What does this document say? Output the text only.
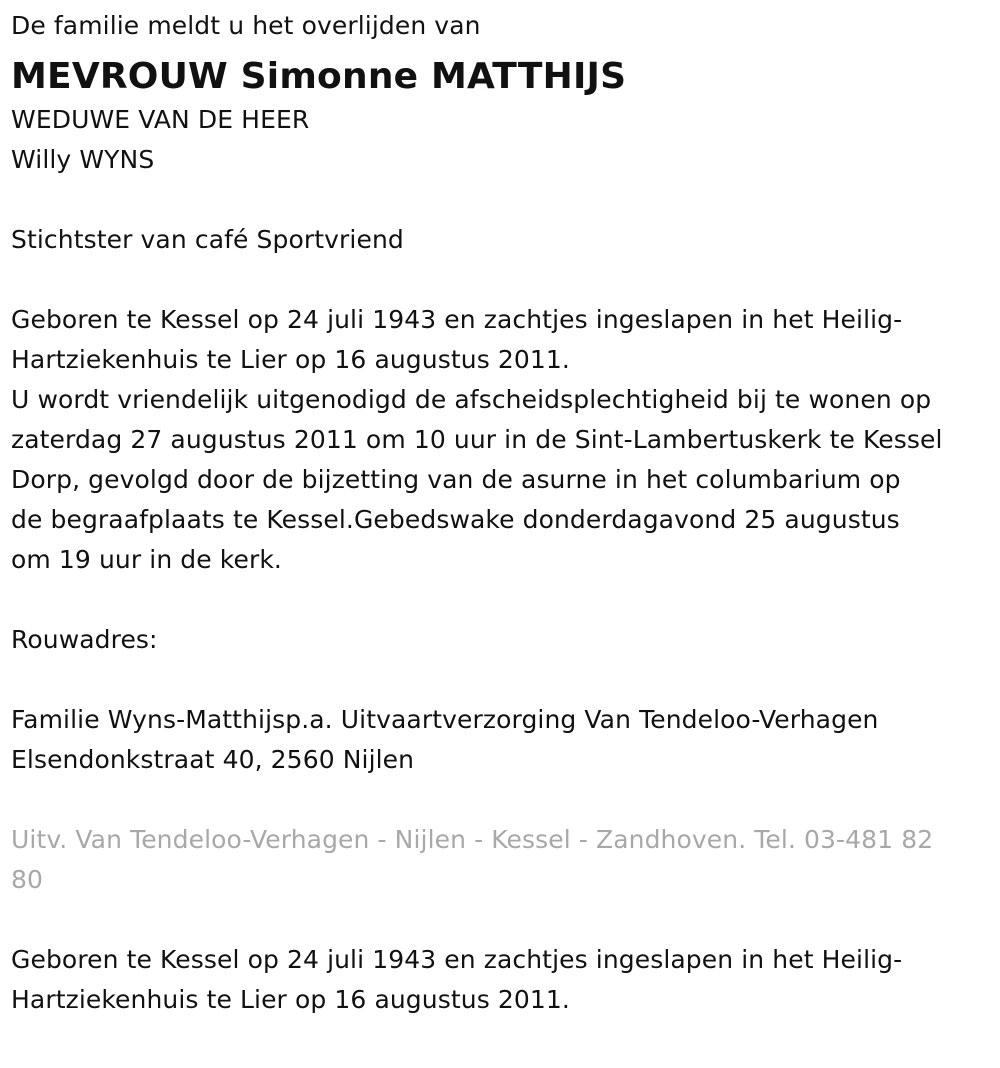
De familie meldt u het overlijden van

MEVROUW Simonne MATTHIJS

WEDUWE VAN DE HEER

Willy WYNS

Stichtster van café Sportvriend

Geboren te Kessel op 24 juli 1943 en zachtjes ingeslapen in het Heilig-

Hartziekenhuis te Lier op 16 augustus 2011.

U wordt vriendelijk uitgenodigd de afscheidsplechtigheid bij te wonen op

zaterdag 27 augustus 2011 om 10 uur in de Sint-Lambertuskerk te Kessel

Dorp, gevolgd door de bijzetting van de asurne in het columbarium op

de begraafplaats te Kessel.Gebedswake donderdagavond 25 augustus

om 19 uur in de kerk.

Rouwadres:

Familie Wyns-Matthijsp.a. Uitvaartverzorging Van Tendeloo-Verhagen

Elsendonkstraat 40, 2560 Nijlen

Uitv. Van Tendeloo-Verhagen - Nijlen - Kessel - Zandhoven. Tel. 03-481 82

80

Geboren te Kessel op 24 juli 1943 en zachtjes ingeslapen in het Heilig-

Hartziekenhuis te Lier op 16 augustus 2011.
